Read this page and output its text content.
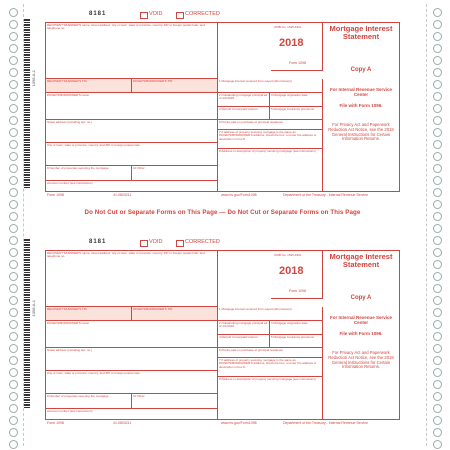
1098-A-1
1098-A-1
8181	VOID	CORRECTED
RECIPIENT'S/LENDER'S name, street address, city or town, state or province, country, ZIP or foreign postal code, and telephone no.	OMB No. 1545-1901
2018
Form 1098
1 Mortgage interest received from payer(s)/borrower(s)
RECIPIENT'S/LENDER'S TIN	PAYER'S/BORROWER'S TIN
2 Outstanding mortgage principal as of 1/1/2018
3 Mortgage origination date
PAYER'S/BORROWER'S name
4 Refund of overpaid interest	5 Mortgage insurance premiums
6 Points paid on purchase of principal residence
Street address (including apt. no.)
7 If address of property securing mortgage is the same as PAYER'S/BORROWER'S address, check the box, or enter the address or description in box 8.
City or town, state or province, country, and ZIP or foreign postal code
8 Address or description of property securing mortgage (see instructions)
9 Number of properties securing the mortgage	10 Other
Account number (see instructions)
Mortgage Interest Statement
Copy A
For Internal Revenue Service Center
File with Form 1096.
For Privacy Act and Paperwork Reduction Act Notice, see the 2018 General Instructions for Certain Information Returns.
Form 1098	41-0803211	www.irs.gov/Form1098	Department of the Treasury - Internal Revenue Service
Do Not Cut or Separate Forms on This Page — Do Not Cut or Separate Forms on This Page
8181	VOID	CORRECTED
RECIPIENT'S/LENDER'S name, street address, city or town, state or province, country, ZIP or foreign postal code, and telephone no.	OMB No. 1545-1901
2018
Form 1098
1 Mortgage interest received from payer(s)/borrower(s)
RECIPIENT'S/LENDER'S TIN	PAYER'S/BORROWER'S TIN
2 Outstanding mortgage principal as of 1/1/2018
3 Mortgage origination date
PAYER'S/BORROWER'S name
4 Refund of overpaid interest	5 Mortgage insurance premiums
6 Points paid on purchase of principal residence
Street address (including apt. no.)
7 If address of property securing mortgage is the same as PAYER'S/BORROWER'S address, check the box, or enter the address or description in box 8.
City or town, state or province, country, and ZIP or foreign postal code
8 Address or description of property securing mortgage (see instructions)
9 Number of properties securing the mortgage	10 Other
Account number (see instructions)
Mortgage Interest Statement
Copy A
For Internal Revenue Service Center
File with Form 1096.
For Privacy Act and Paperwork Reduction Act Notice, see the 2018 General Instructions for Certain Information Returns.
Form 1098	41-0803211	www.irs.gov/Form1098	Department of the Treasury - Internal Revenue Service
